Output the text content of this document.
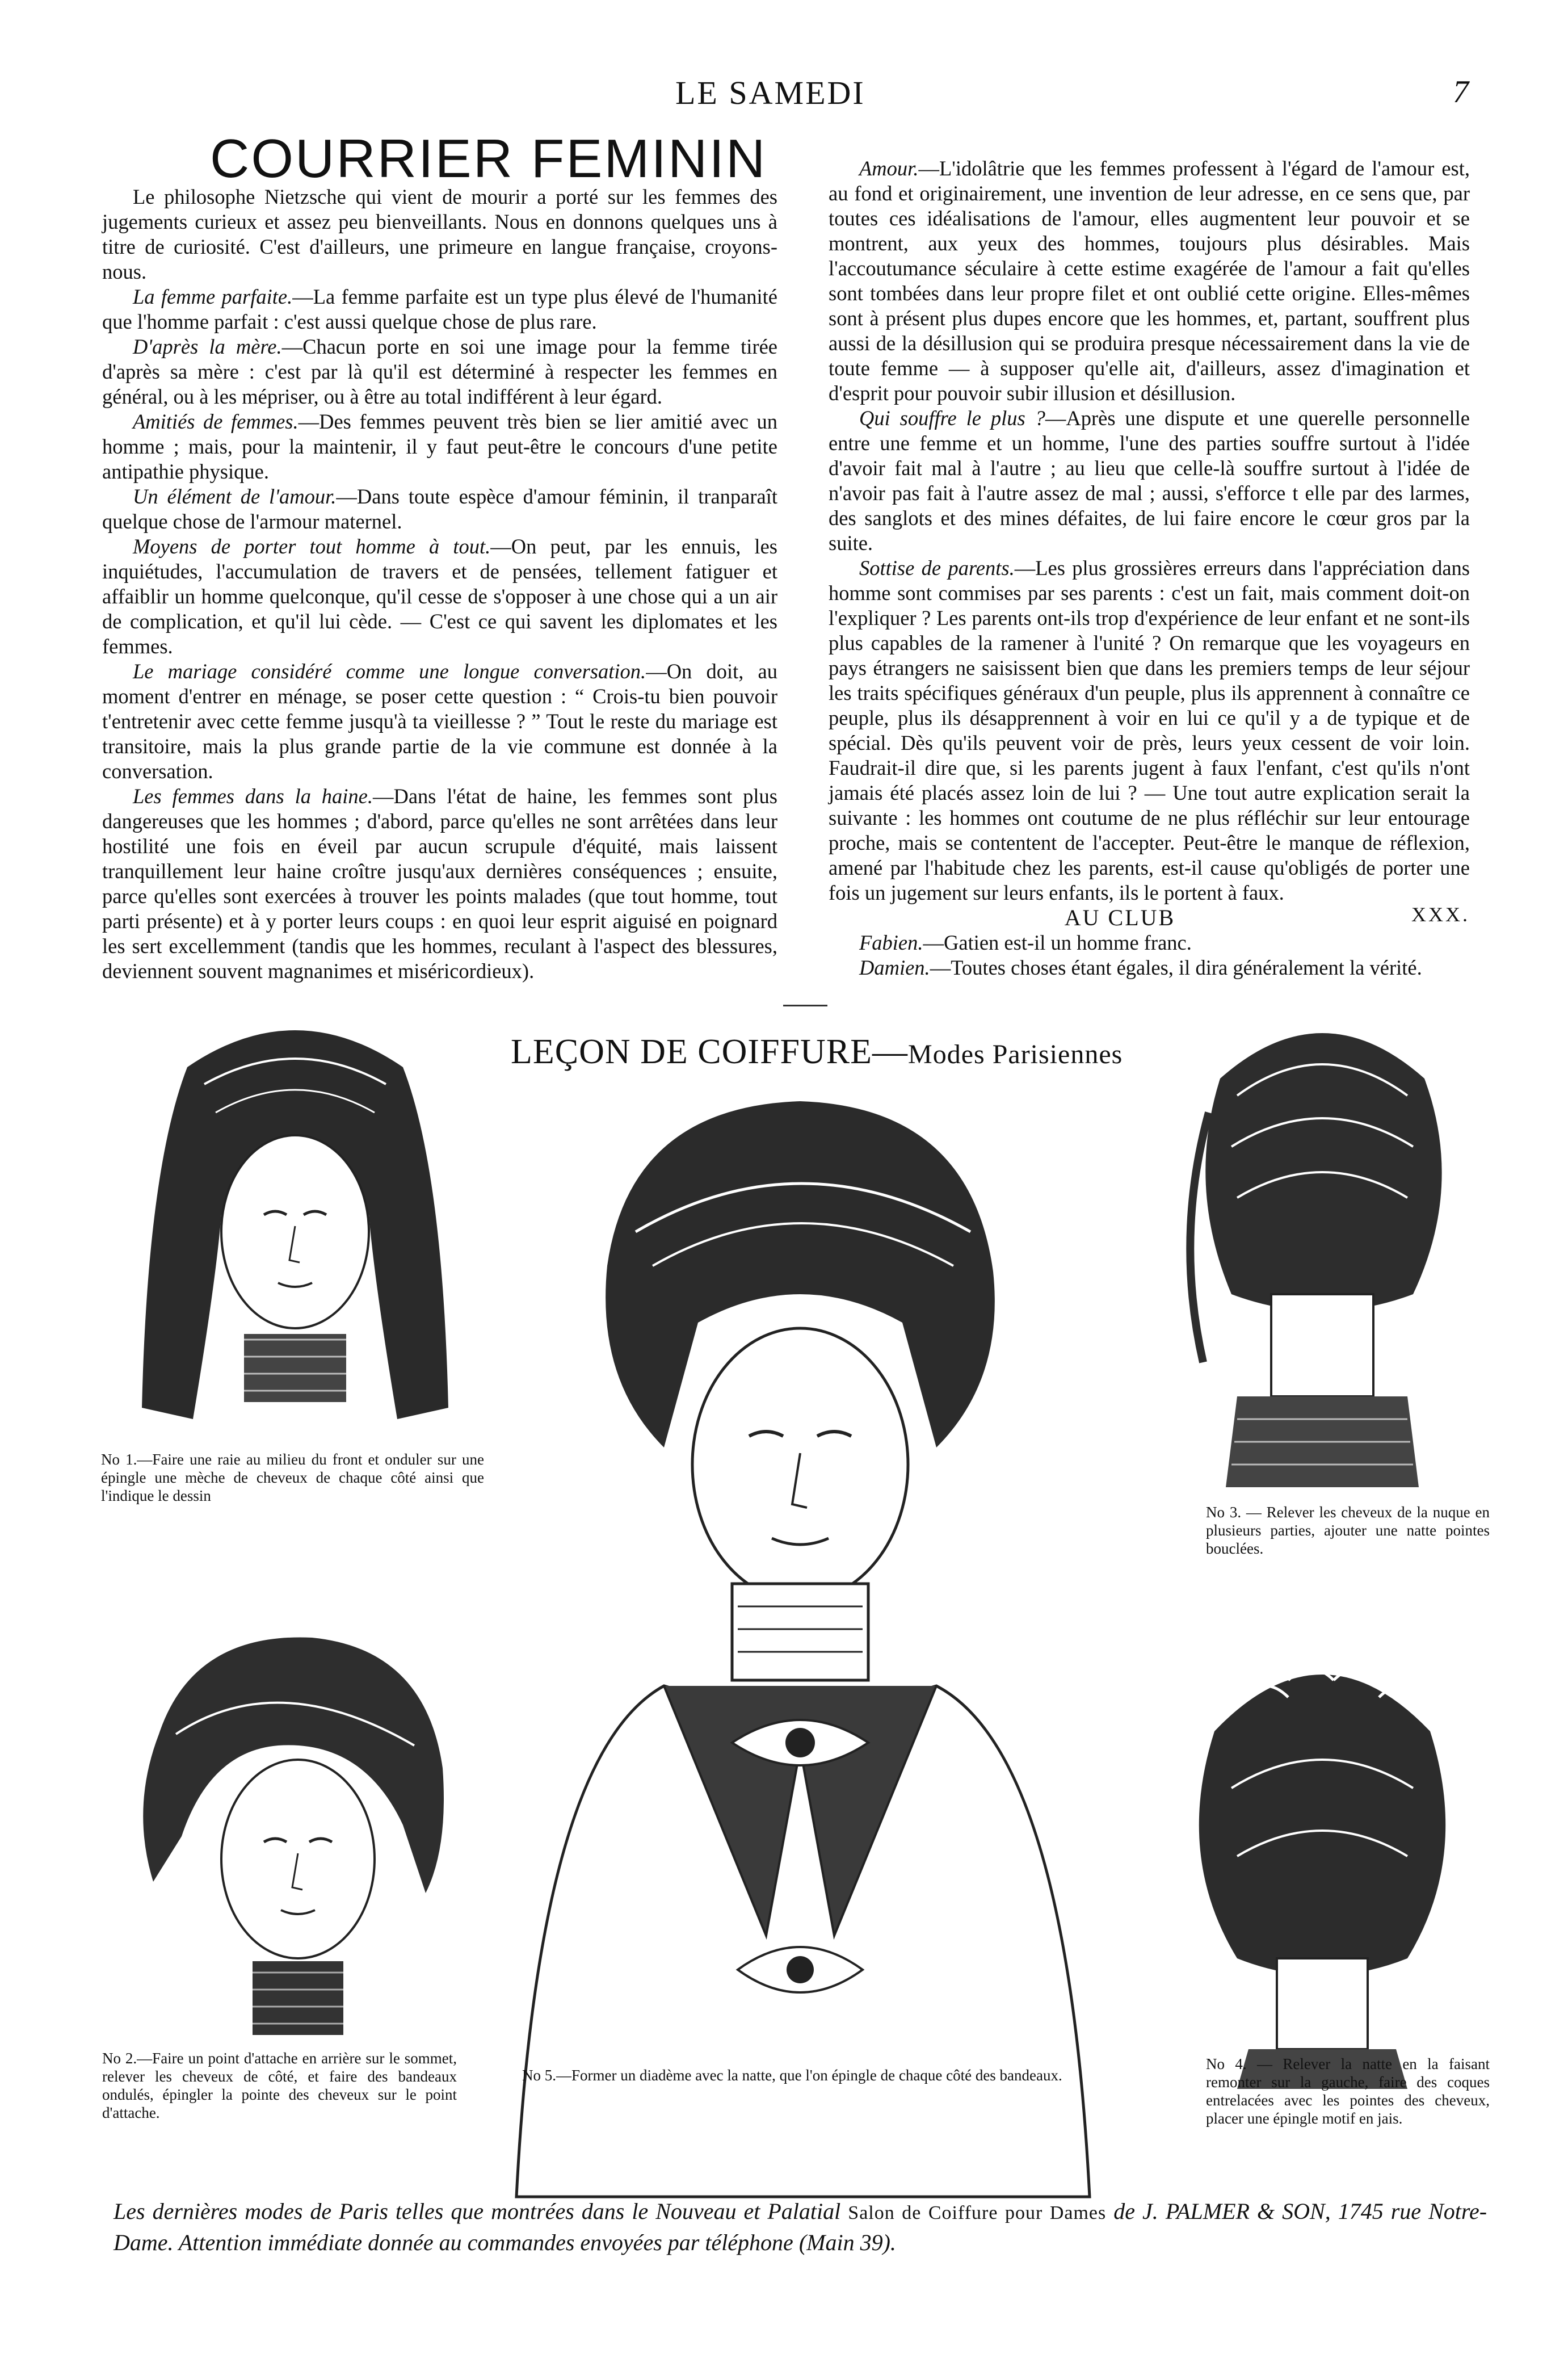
LE SAMEDI	7
COURRIER FEMININ

Le philosophe Nietzsche qui vient de mourir a porté sur les femmes des jugements curieux et assez peu bienveillants. Nous en donnons quelques uns à titre de curiosité. C'est d'ailleurs, une primeure en langue française, croyons-nous.

La femme parfaite.—La femme parfaite est un type plus élevé de l'humanité que l'homme parfait : c'est aussi quelque chose de plus rare.

D'après la mère.—Chacun porte en soi une image pour la femme tirée d'après sa mère : c'est par là qu'il est déterminé à respecter les femmes en général, ou à les mépriser, ou à être au total indifférent à leur égard.

Amitiés de femmes.—Des femmes peuvent très bien se lier amitié avec un homme ; mais, pour la maintenir, il y faut peut-être le concours d'une petite antipathie physique.

Un élément de l'amour.—Dans toute espèce d'amour féminin, il tranparaît quelque chose de l'armour maternel.

Moyens de porter tout homme à tout.—On peut, par les ennuis, les inquiétudes, l'accumulation de travers et de pensées, tellement fatiguer et affaiblir un homme quelconque, qu'il cesse de s'opposer à une chose qui a un air de complication, et qu'il lui cède. — C'est ce qui savent les diplomates et les femmes.

Le mariage considéré comme une longue conversation.—On doit, au moment d'entrer en ménage, se poser cette question : “ Crois-tu bien pouvoir t'entretenir avec cette femme jusqu'à ta vieillesse ? ” Tout le reste du mariage est transitoire, mais la plus grande partie de la vie commune est donnée à la conversation.

Les femmes dans la haine.—Dans l'état de haine, les femmes sont plus dangereuses que les hommes ; d'abord, parce qu'elles ne sont arrêtées dans leur hostilité une fois en éveil par aucun scrupule d'équité, mais laissent tranquillement leur haine croître jusqu'aux dernières conséquences ; ensuite, parce qu'elles sont exercées à trouver les points malades (que tout homme, tout parti présente) et à y porter leurs coups : en quoi leur esprit aiguisé en poignard les sert excellemment (tandis que les hommes, reculant à l'aspect des blessures, deviennent souvent magnanimes et miséricordieux).

Amour.—L'idolâtrie que les femmes professent à l'égard de l'amour est, au fond et originairement, une invention de leur adresse, en ce sens que, par toutes ces idéalisations de l'amour, elles augmentent leur pouvoir et se montrent, aux yeux des hommes, toujours plus désirables. Mais l'accoutumance séculaire à cette estime exagérée de l'amour a fait qu'elles sont tombées dans leur propre filet et ont oublié cette origine. Elles-mêmes sont à présent plus dupes encore que les hommes, et, partant, souffrent plus aussi de la désillusion qui se produira presque nécessairement dans la vie de toute femme — à supposer qu'elle ait, d'ailleurs, assez d'imagination et d'esprit pour pouvoir subir illusion et désillusion.

Qui souffre le plus ?—Après une dispute et une querelle personnelle entre une femme et un homme, l'une des parties souffre surtout à l'idée d'avoir fait mal à l'autre ; au lieu que celle-là souffre surtout à l'idée de n'avoir pas fait à l'autre assez de mal ; aussi, s'efforce t elle par des larmes, des sanglots et des mines défaites, de lui faire encore le cœur gros par la suite.

Sottise de parents.—Les plus grossières erreurs dans l'appréciation dans homme sont commises par ses parents : c'est un fait, mais comment doit-on l'expliquer ? Les parents ont-ils trop d'expérience de leur enfant et ne sont-ils plus capables de la ramener à l'unité ? On remarque que les voyageurs en pays étrangers ne saisissent bien que dans les premiers temps de leur séjour les traits spécifiques généraux d'un peuple, plus ils apprennent à connaître ce peuple, plus ils désapprennent à voir en lui ce qu'il y a de typique et de spécial. Dès qu'ils peuvent voir de près, leurs yeux cessent de voir loin. Faudrait-il dire que, si les parents jugent à faux l'enfant, c'est qu'ils n'ont jamais été placés assez loin de lui ? — Une tout autre explication serait la suivante : les hommes ont coutume de ne plus réfléchir sur leur entourage proche, mais se contentent de l'accepter. Peut-être le manque de réflexion, amené par l'habitude chez les parents, est-il cause qu'obligés de porter une fois un jugement sur leurs enfants, ils le portent à faux.

AU CLUB	XXX.

Fabien.—Gatien est-il un homme franc.

Damien.—Toutes choses étant égales, il dira généralement la vérité.

LEÇON DE COIFFURE—Modes Parisiennes
No 1.—Faire une raie au milieu du front et onduler sur une épingle une mèche de cheveux de chaque côté ainsi que l'indique le dessin
No 3. — Relever les cheveux de la nuque en plusieurs parties, ajouter une natte pointes bouclées.
No 2.—Faire un point d'attache en arrière sur le sommet, relever les cheveux de côté, et faire des bandeaux ondulés, épingler la pointe des cheveux sur le point d'attache.
No 5.—Former un diadème avec la natte, que l'on épingle de chaque côté des bandeaux.
No 4. — Relever la natte en la faisant remonter sur la gauche, faire des coques entrelacées avec les pointes des cheveux, placer une épingle motif en jais.
Les dernières modes de Paris telles que montrées dans le Nouveau et Palatial Salon de Coiffure pour Dames de J. PALMER & SON, 1745 rue Notre-Dame. Attention immédiate donnée au commandes envoyées par téléphone (Main 39).
